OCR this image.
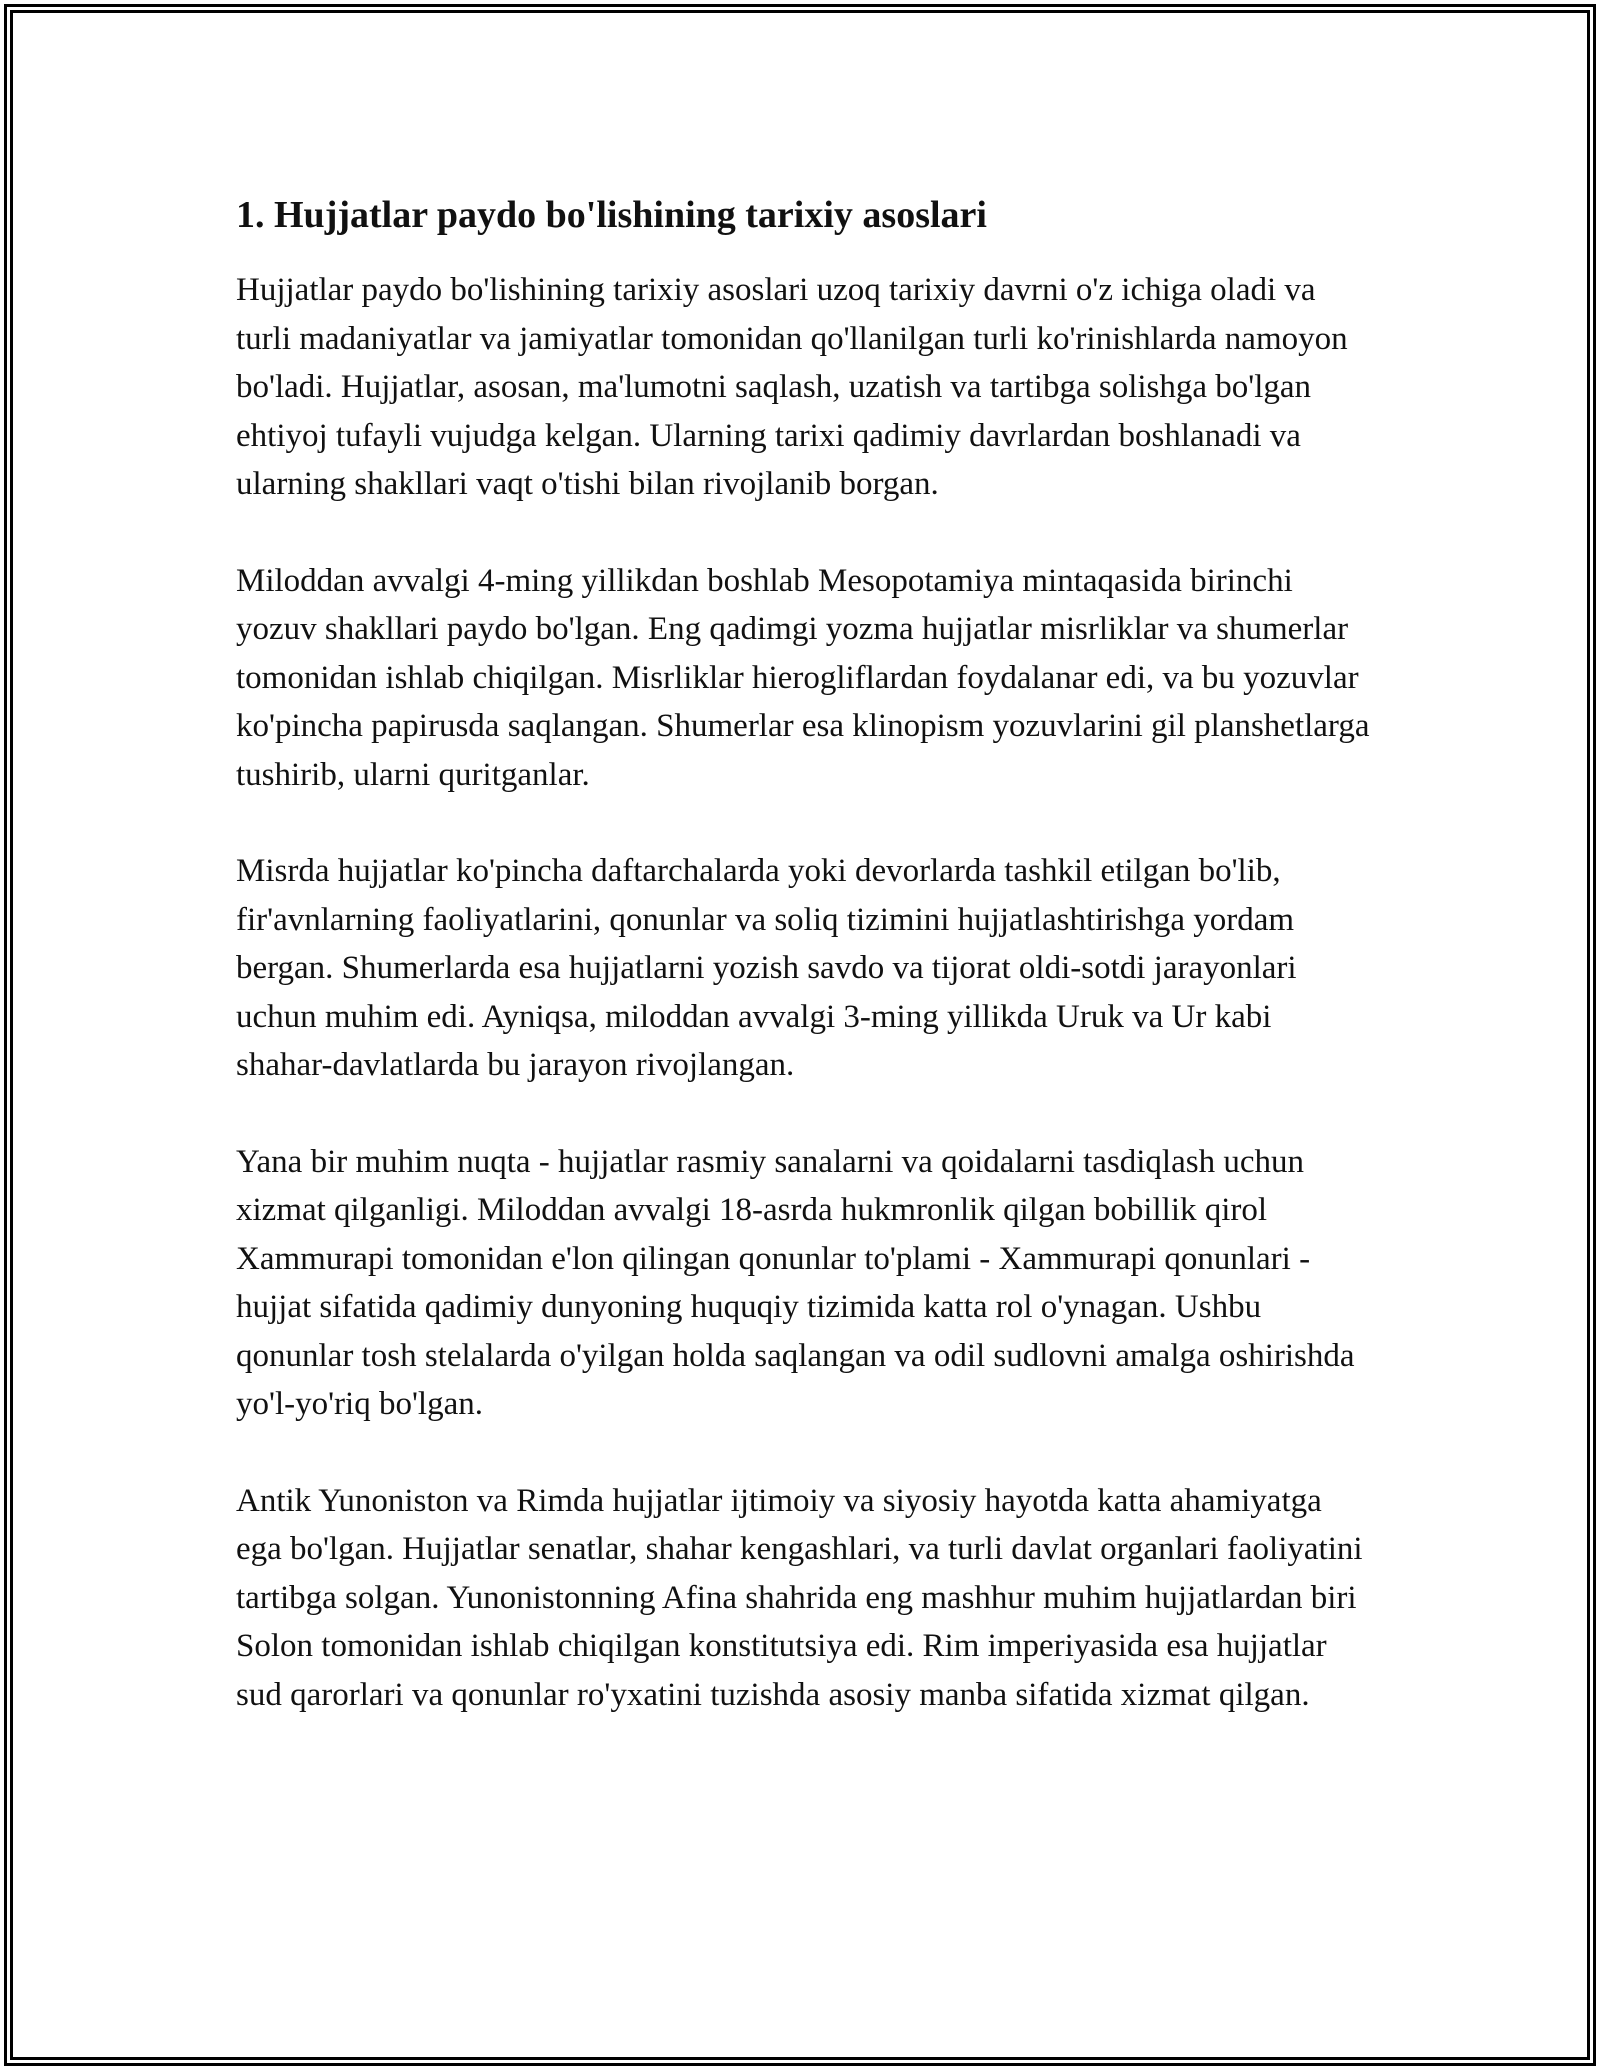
1. Hujjatlar paydo bo'lishining tarixiy asoslari

Hujjatlar paydo bo'lishining tarixiy asoslari uzoq tarixiy davrni o'z ichiga oladi va turli madaniyatlar va jamiyatlar tomonidan qo'llanilgan turli ko'rinishlarda namoyon bo'ladi. Hujjatlar, asosan, ma'lumotni saqlash, uzatish va tartibga solishga bo'lgan ehtiyoj tufayli vujudga kelgan. Ularning tarixi qadimiy davrlardan boshlanadi va ularning shakllari vaqt o'tishi bilan rivojlanib borgan.

Miloddan avvalgi 4-ming yillikdan boshlab Mesopotamiya mintaqasida birinchi yozuv shakllari paydo bo'lgan. Eng qadimgi yozma hujjatlar misrliklar va shumerlar tomonidan ishlab chiqilgan. Misrliklar hierogliflardan foydalanar edi, va bu yozuvlar ko'pincha papirusda saqlangan. Shumerlar esa klinopism yozuvlarini gil planshetlarga tushirib, ularni quritganlar.

Misrda hujjatlar ko'pincha daftarchalarda yoki devorlarda tashkil etilgan bo'lib, fir'avnlarning faoliyatlarini, qonunlar va soliq tizimini hujjatlashtirishga yordam bergan. Shumerlarda esa hujjatlarni yozish savdo va tijorat oldi-sotdi jarayonlari uchun muhim edi. Ayniqsa, miloddan avvalgi 3-ming yillikda Uruk va Ur kabi shahar-davlatlarda bu jarayon rivojlangan.

Yana bir muhim nuqta - hujjatlar rasmiy sanalarni va qoidalarni tasdiqlash uchun xizmat qilganligi. Miloddan avvalgi 18-asrda hukmronlik qilgan bobillik qirol Xammurapi tomonidan e'lon qilingan qonunlar to'plami - Xammurapi qonunlari - hujjat sifatida qadimiy dunyoning huquqiy tizimida katta rol o'ynagan. Ushbu qonunlar tosh stelalarda o'yilgan holda saqlangan va odil sudlovni amalga oshirishda yo'l-yo'riq bo'lgan.

Antik Yunoniston va Rimda hujjatlar ijtimoiy va siyosiy hayotda katta ahamiyatga ega bo'lgan. Hujjatlar senatlar, shahar kengashlari, va turli davlat organlari faoliyatini tartibga solgan. Yunonistonning Afina shahrida eng mashhur muhim hujjatlardan biri Solon tomonidan ishlab chiqilgan konstitutsiya edi. Rim imperiyasida esa hujjatlar sud qarorlari va qonunlar ro'yxatini tuzishda asosiy manba sifatida xizmat qilgan.
